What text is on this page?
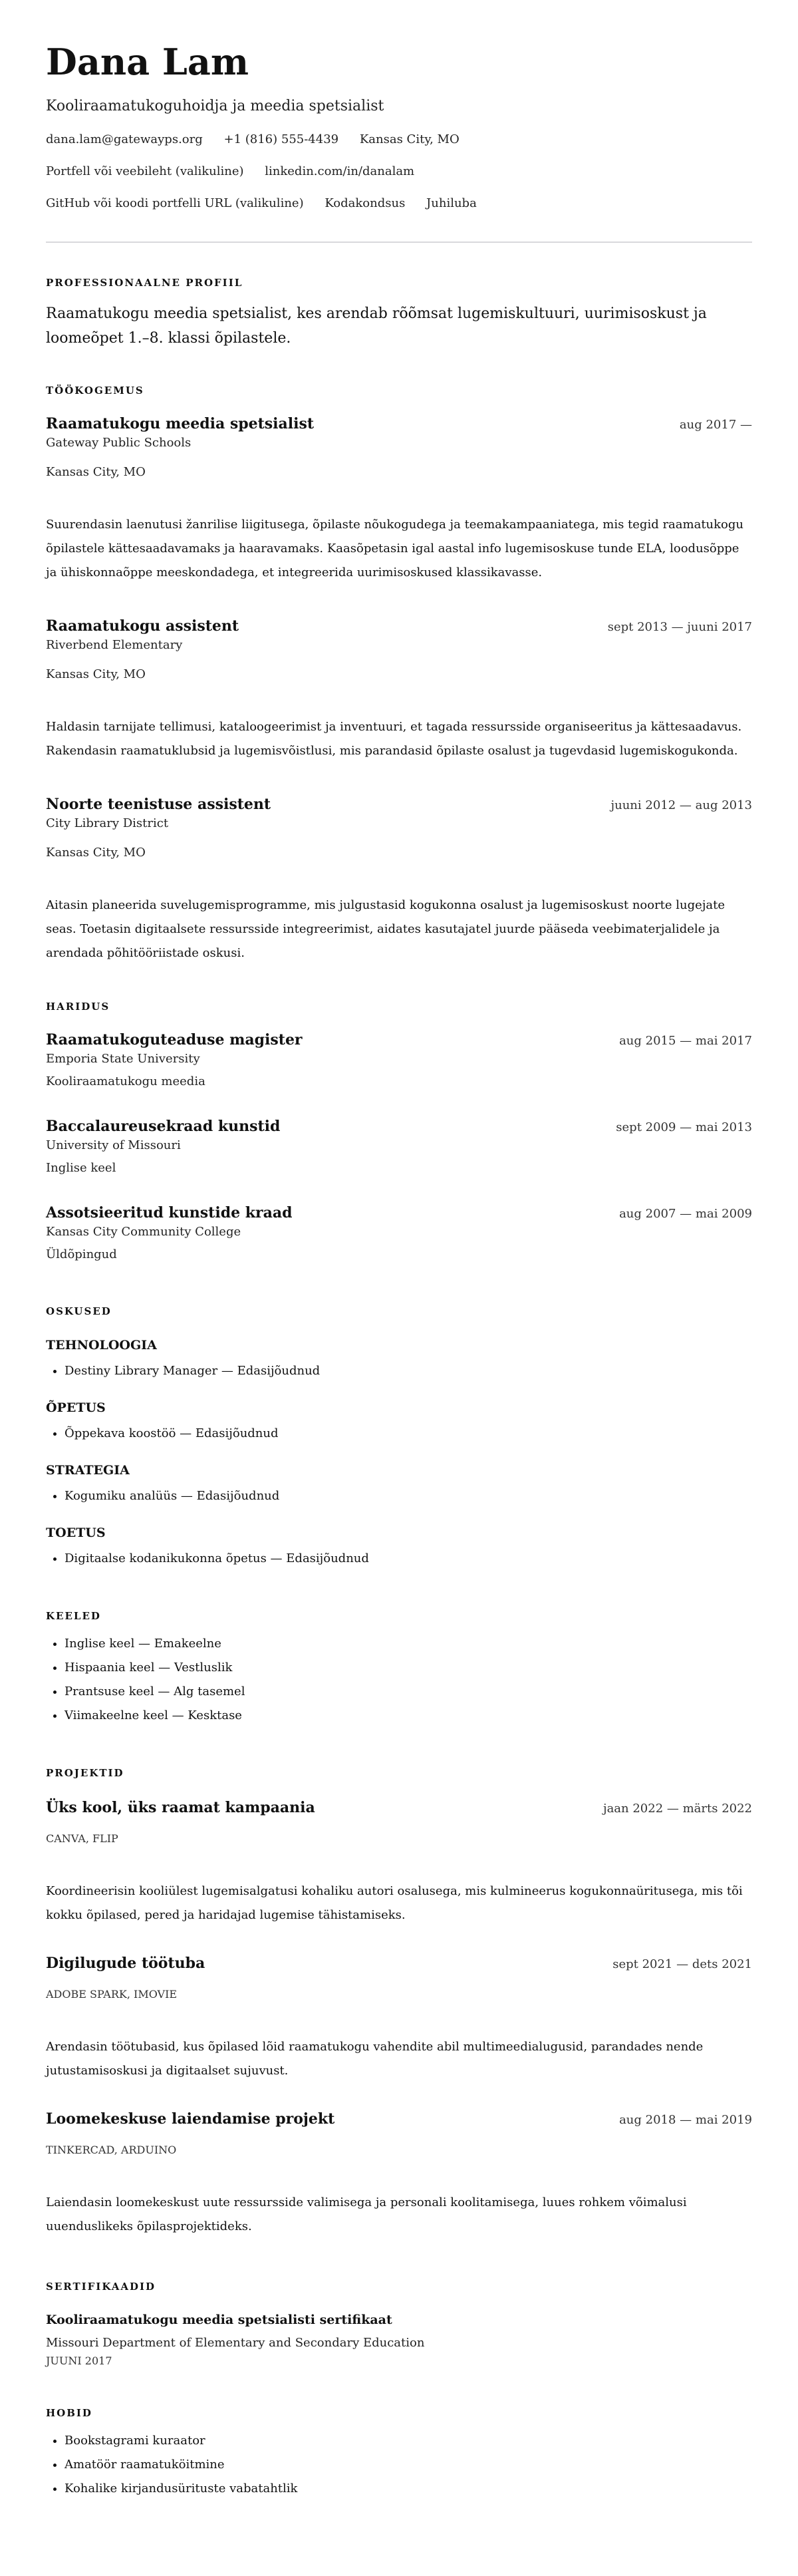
Dana Lam
Kooliraamatukoguhoidja ja meedia spetsialist
dana.lam@gatewayps.org +1 (816) 555-4439 Kansas City, MO
Portfell või veebileht (valikuline) linkedin.com/in/danalam
GitHub või koodi portfelli URL (valikuline) Kodakondsus Juhiluba
PROFESSIONAALNE PROFIIL
Raamatukogu meedia spetsialist, kes arendab rõõmsat lugemiskultuuri, uurimisoskust ja loomeõpet 1.–8. klassi õpilastele.
TÖÖKOGEMUS
Raamatukogu meedia spetsialist	aug 2017 —
Gateway Public Schools
Kansas City, MO
Suurendasin laenutusi žanrilise liigitusega, õpilaste nõukogudega ja teemakampaaniatega, mis tegid raamatukogu õpilastele kättesaadavamaks ja haaravamaks. Kaasõpetasin igal aastal info lugemisoskuse tunde ELA, loodusõppe ja ühiskonnaõppe meeskondadega, et integreerida uurimisoskused klassikavasse.
Raamatukogu assistent	sept 2013 — juuni 2017
Riverbend Elementary
Kansas City, MO
Haldasin tarnijate tellimusi, kataloogeerimist ja inventuuri, et tagada ressursside organiseeritus ja kättesaadavus. Rakendasin raamatuklubsid ja lugemisvõistlusi, mis parandasid õpilaste osalust ja tugevdasid lugemiskogukonda.
Noorte teenistuse assistent	juuni 2012 — aug 2013
City Library District
Kansas City, MO
Aitasin planeerida suvelugemisprogramme, mis julgustasid kogukonna osalust ja lugemisoskust noorte lugejate seas. Toetasin digitaalsete ressursside integreerimist, aidates kasutajatel juurde pääseda veebimaterjalidele ja arendada põhitööriistade oskusi.
HARIDUS
Raamatukoguteaduse magister	aug 2015 — mai 2017
Emporia State University
Kooliraamatukogu meedia
Baccalaureusekraad kunstid	sept 2009 — mai 2013
University of Missouri
Inglise keel
Assotsieeritud kunstide kraad	aug 2007 — mai 2009
Kansas City Community College
Üldõpingud
OSKUSED
TEHNOLOOGIA
• Destiny Library Manager — Edasijõudnud
ÕPETUS
• Õppekava koostöö — Edasijõudnud
STRATEGIA
• Kogumiku analüüs — Edasijõudnud
TOETUS
• Digitaalse kodanikukonna õpetus — Edasijõudnud
KEELED
• Inglise keel — Emakeelne
• Hispaania keel — Vestluslik
• Prantsuse keel — Alg tasemel
• Viimakeelne keel — Kesktase
PROJEKTID
Üks kool, üks raamat kampaania	jaan 2022 — märts 2022
CANVA, FLIP
Koordineerisin kooliülest lugemisalgatusi kohaliku autori osalusega, mis kulmineerus kogukonnaüritusega, mis tõi kokku õpilased, pered ja haridajad lugemise tähistamiseks.
Digilugude töötuba	sept 2021 — dets 2021
ADOBE SPARK, IMOVIE
Arendasin töötubasid, kus õpilased lõid raamatukogu vahendite abil multimeedialugusid, parandades nende jutustamisoskusi ja digitaalset sujuvust.
Loomekeskuse laiendamise projekt	aug 2018 — mai 2019
TINKERCAD, ARDUINO
Laiendasin loomekeskust uute ressursside valimisega ja personali koolitamisega, luues rohkem võimalusi uuenduslikeks õpilasprojektideks.
SERTIFIKAADID
Kooliraamatukogu meedia spetsialisti sertifikaat
Missouri Department of Elementary and Secondary Education
JUUNI 2017
HOBID
• Bookstagrami kuraator
• Amatöör raamatuköitmine
• Kohalike kirjandusürituste vabatahtlik
